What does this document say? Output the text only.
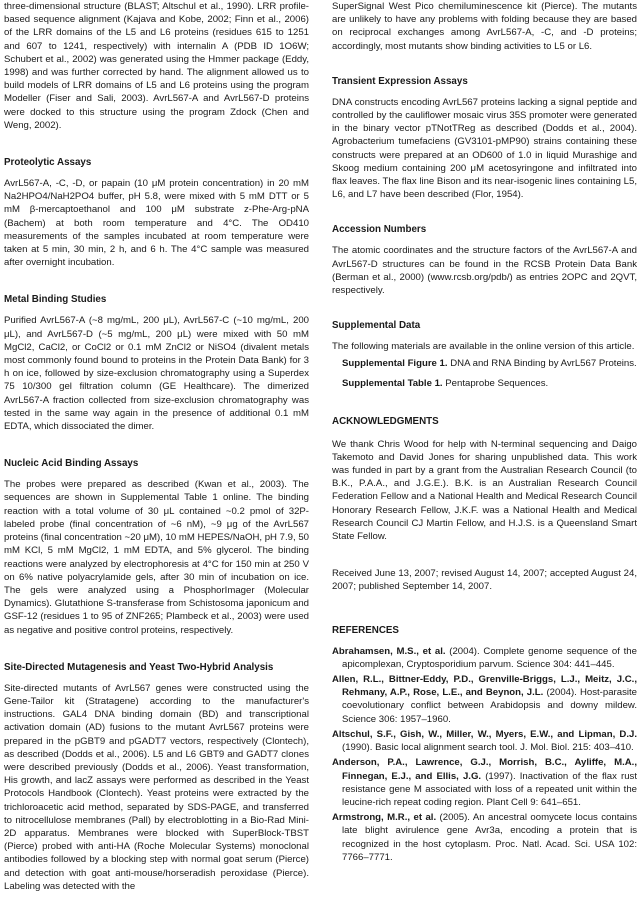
three-dimensional structure (BLAST; Altschul et al., 1990). LRR profile-based sequence alignment (Kajava and Kobe, 2002; Finn et al., 2006) of the LRR domains of the L5 and L6 proteins (residues 615 to 1251 and 607 to 1241, respectively) with internalin A (PDB ID 1O6W; Schubert et al., 2002) was generated using the Hmmer package (Eddy, 1998) and was further corrected by hand. The alignment allowed us to build models of LRR domains of L5 and L6 proteins using the program Modeller (Fiser and Sali, 2003). AvrL567-A and AvrL567-D proteins were docked to this structure using the program Zdock (Chen and Weng, 2002).

Proteolytic Assays

AvrL567-A, -C, -D, or papain (10 μM protein concentration) in 20 mM Na2HPO4/NaH2PO4 buffer, pH 5.8, were mixed with 5 mM DTT or 5 mM β-mercaptoethanol and 100 μM substrate z-Phe-Arg-pNA (Bachem) at both room temperature and 4°C. The OD410 measurements of the samples incubated at room temperature were taken at 5 min, 30 min, 2 h, and 6 h. The 4°C sample was measured after overnight incubation.

Metal Binding Studies

Purified AvrL567-A (~8 mg/mL, 200 μL), AvrL567-C (~10 mg/mL, 200 μL), and AvrL567-D (~5 mg/mL, 200 μL) were mixed with 50 mM MgCl2, CaCl2, or CoCl2 or 0.1 mM ZnCl2 or NiSO4 (divalent metals most commonly found bound to proteins in the Protein Data Bank) for 3 h on ice, followed by size-exclusion chromatography using a Superdex 75 10/300 gel filtration column (GE Healthcare). The dimerized AvrL567-A fraction collected from size-exclusion chromatography was tested in the same way again in the presence of additional 0.1 mM EDTA, which dissociated the dimer.

Nucleic Acid Binding Assays

The probes were prepared as described (Kwan et al., 2003). The sequences are shown in Supplemental Table 1 online. The binding reaction with a total volume of 30 μL contained ~0.2 pmol of 32P-labeled probe (final concentration of ~6 nM), ~9 μg of the AvrL567 proteins (final concentration ~20 μM), 10 mM HEPES/NaOH, pH 7.9, 50 mM KCl, 5 mM MgCl2, 1 mM EDTA, and 5% glycerol. The binding reactions were analyzed by electrophoresis at 4°C for 150 min at 250 V on 6% native polyacrylamide gels, after 30 min of incubation on ice. The gels were analyzed using a PhosphorImager (Molecular Dynamics). Glutathione S-transferase from Schistosoma japonicum and GSF-12 (residues 1 to 95 of ZNF265; Plambeck et al., 2003) were used as negative and positive control proteins, respectively.

Site-Directed Mutagenesis and Yeast Two-Hybrid Analysis

Site-directed mutants of AvrL567 genes were constructed using the Gene-Tailor kit (Stratagene) according to the manufacturer's instructions. GAL4 DNA binding domain (BD) and transcriptional activation domain (AD) fusions to the mutant AvrL567 proteins were prepared in the pGBT9 and pGADT7 vectors, respectively (Clontech), as described (Dodds et al., 2006). L5 and L6 GBT9 and GADT7 clones were described previously (Dodds et al., 2006). Yeast transformation, His growth, and lacZ assays were performed as described in the Yeast Protocols Handbook (Clontech). Yeast proteins were extracted by the trichloroacetic acid method, separated by SDS-PAGE, and transferred to nitrocellulose membranes (Pall) by electroblotting in a Bio-Rad Mini-2D apparatus. Membranes were blocked with SuperBlock-TBST (Pierce) probed with anti-HA (Roche Molecular Systems) monoclonal antibodies followed by a blocking step with normal goat serum (Pierce) and detection with goat anti-mouse/horseradish peroxidase (Pierce). Labeling was detected with the

SuperSignal West Pico chemiluminescence kit (Pierce). The mutants are unlikely to have any problems with folding because they are based on reciprocal exchanges among AvrL567-A, -C, and -D proteins; accordingly, most mutants show binding activities to L5 or L6.

Transient Expression Assays

DNA constructs encoding AvrL567 proteins lacking a signal peptide and controlled by the cauliflower mosaic virus 35S promoter were generated in the binary vector pTNotTReg as described (Dodds et al., 2004). Agrobacterium tumefaciens (GV3101-pMP90) strains containing these constructs were prepared at an OD600 of 1.0 in liquid Murashige and Skoog medium containing 200 μM acetosyringone and infiltrated into flax leaves. The flax line Bison and its near-isogenic lines containing L5, L6, and L7 have been described (Flor, 1954).

Accession Numbers

The atomic coordinates and the structure factors of the AvrL567-A and AvrL567-D structures can be found in the RCSB Protein Data Bank (Berman et al., 2000) (www.rcsb.org/pdb/) as entries 2OPC and 2QVT, respectively.

Supplemental Data

The following materials are available in the online version of this article.

Supplemental Figure 1. DNA and RNA Binding by AvrL567 Proteins.

Supplemental Table 1. Pentaprobe Sequences.

ACKNOWLEDGMENTS

We thank Chris Wood for help with N-terminal sequencing and Daigo Takemoto and David Jones for sharing unpublished data. This work was funded in part by a grant from the Australian Research Council (to B.K., P.A.A., and J.G.E.). B.K. is an Australian Research Council Federation Fellow and a National Health and Medical Research Council Honorary Research Fellow, J.K.F. was a National Health and Medical Research Council CJ Martin Fellow, and H.J.S. is a Queensland Smart State Fellow.

Received June 13, 2007; revised August 14, 2007; accepted August 24, 2007; published September 14, 2007.

REFERENCES

Abrahamsen, M.S., et al. (2004). Complete genome sequence of the apicomplexan, Cryptosporidium parvum. Science 304: 441–445.

Allen, R.L., Bittner-Eddy, P.D., Grenville-Briggs, L.J., Meitz, J.C., Rehmany, A.P., Rose, L.E., and Beynon, J.L. (2004). Host-parasite coevolutionary conflict between Arabidopsis and downy mildew. Science 306: 1957–1960.

Altschul, S.F., Gish, W., Miller, W., Myers, E.W., and Lipman, D.J. (1990). Basic local alignment search tool. J. Mol. Biol. 215: 403–410.

Anderson, P.A., Lawrence, G.J., Morrish, B.C., Ayliffe, M.A., Finnegan, E.J., and Ellis, J.G. (1997). Inactivation of the flax rust resistance gene M associated with loss of a repeated unit within the leucine-rich repeat coding region. Plant Cell 9: 641–651.

Armstrong, M.R., et al. (2005). An ancestral oomycete locus contains late blight avirulence gene Avr3a, encoding a protein that is recognized in the host cytoplasm. Proc. Natl. Acad. Sci. USA 102: 7766–7771.
